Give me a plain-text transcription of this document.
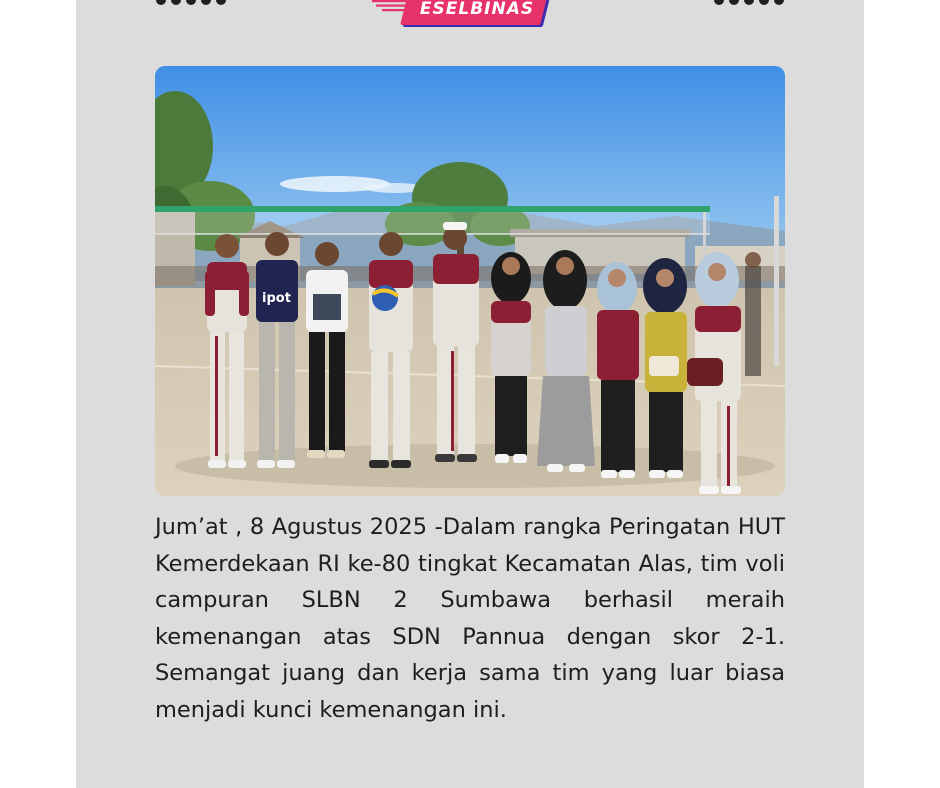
ESELBINAS
ipot

Jum’at , 8 Agustus 2025 -Dalam rangka Peringatan HUT Kemerdekaan RI ke-80 tingkat Kecamatan Alas, tim voli campuran SLBN 2 Sumbawa berhasil meraih kemenangan atas SDN Pannua dengan skor 2-1. Semangat juang dan kerja sama tim yang luar biasa menjadi kunci kemenangan ini.
